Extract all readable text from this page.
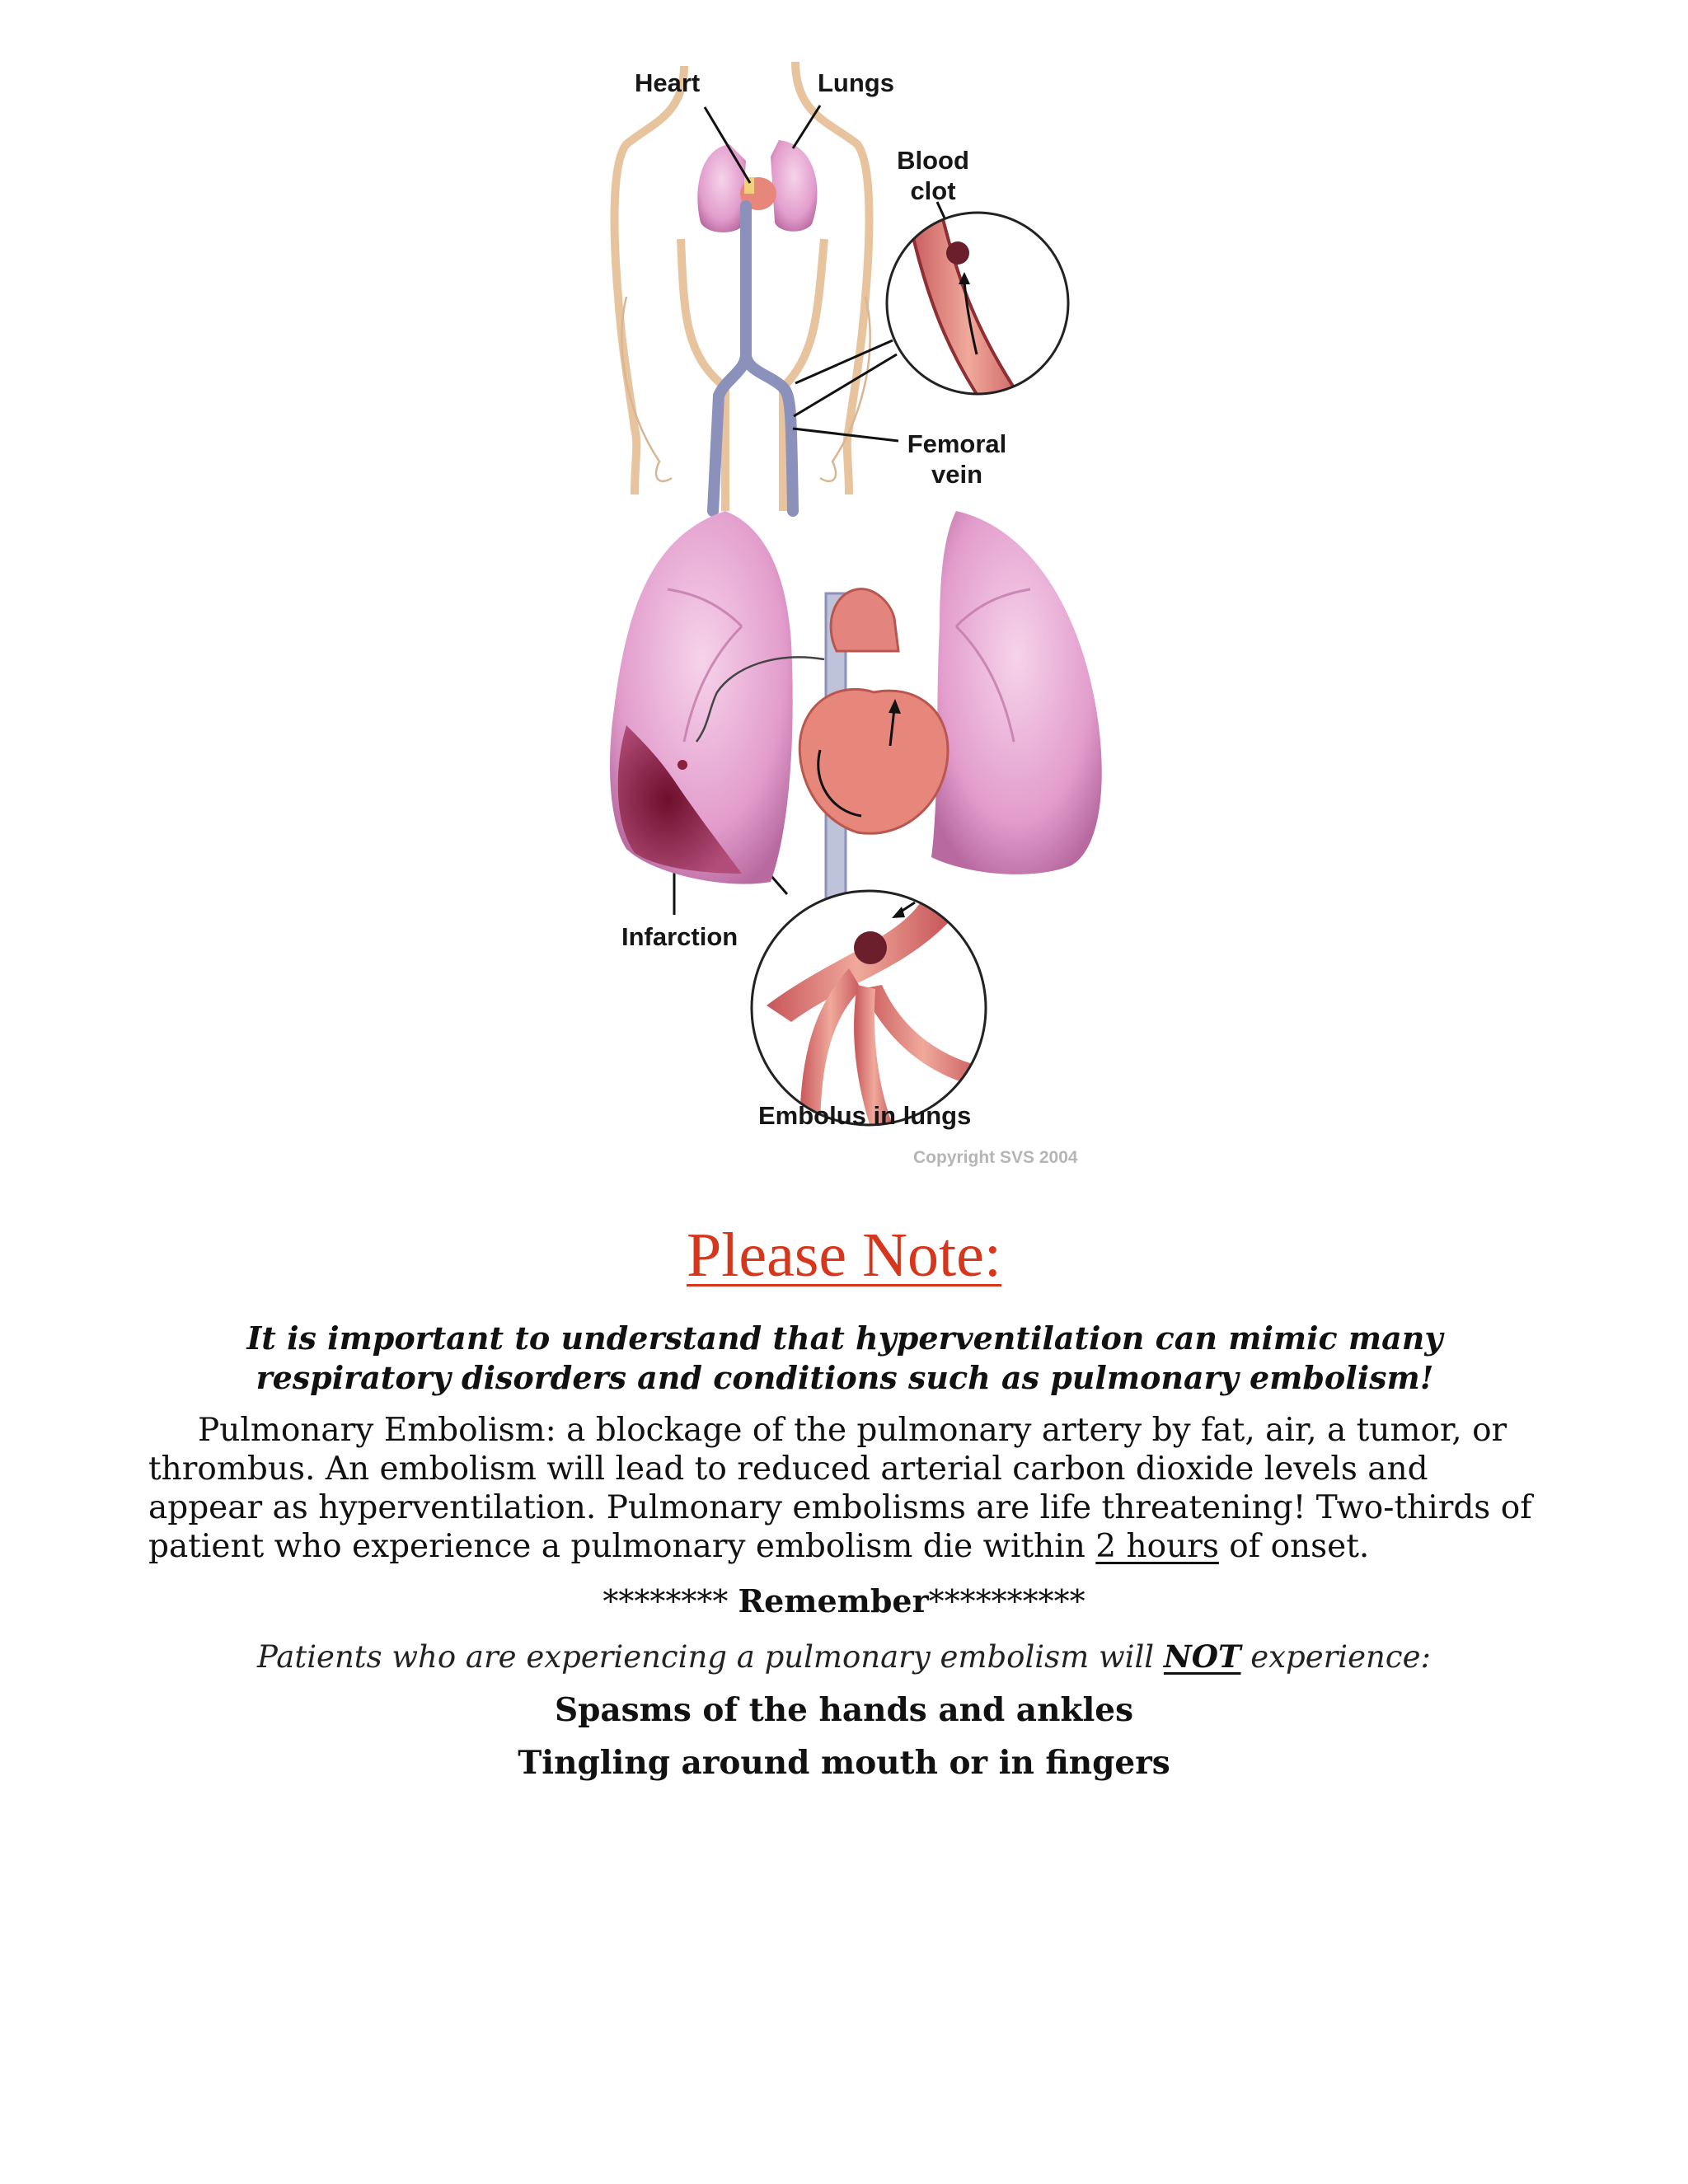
Heart	Lungs
Blood
clot
Femoral
vein
Infarction
Embolus in lungs
Copyright SVS 2004
Please Note:
It is important to understand that hyperventilation can mimic many respiratory disorders and conditions such as pulmonary embolism!
Pulmonary Embolism: a blockage of the pulmonary artery by fat, air, a tumor, or thrombus. An embolism will lead to reduced arterial carbon dioxide levels and appear as hyperventilation. Pulmonary embolisms are life threatening! Two-thirds of patient who experience a pulmonary embolism die within 2 hours of onset.
******** Remember**********
Patients who are experiencing a pulmonary embolism will NOT experience:
Spasms of the hands and ankles
Tingling around mouth or in fingers
